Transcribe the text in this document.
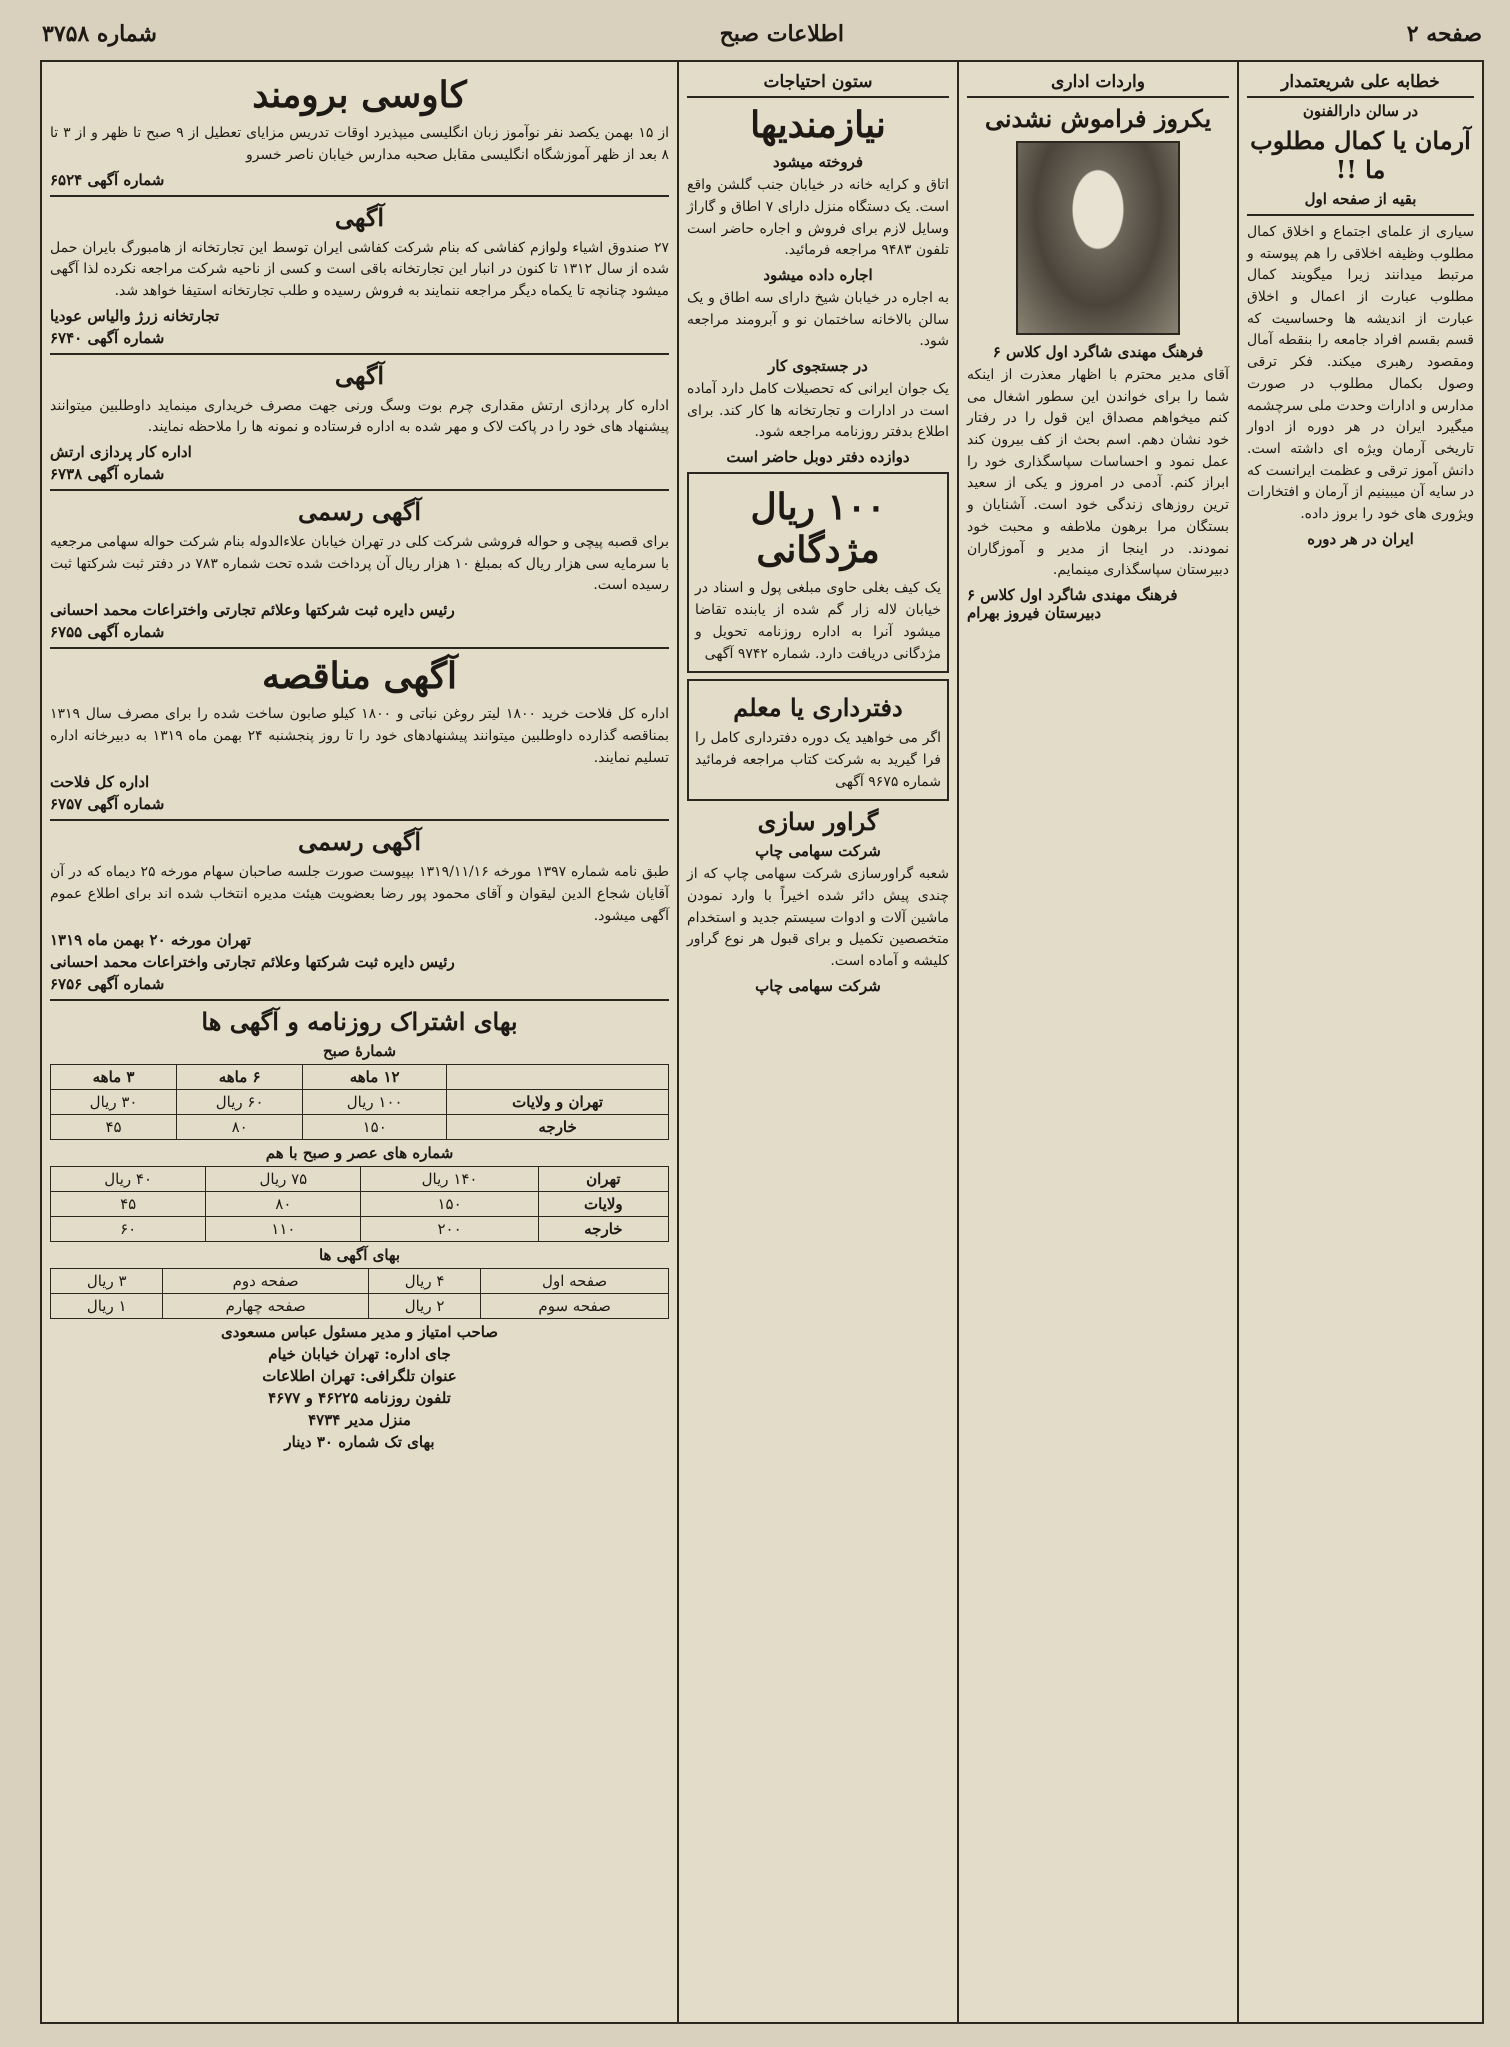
صفحه ۲
اطلاعات صبح
شماره ۳۷۵۸
خطابه علی شریعتمدار
در سالن دارالفنون
آرمان یا کمال مطلوب ما !!
بقیه از صفحه اول
سیاری از علمای اجتماع و اخلاق کمال مطلوب وظیفه اخلاقی را هم پیوسته و مرتبط میدانند زیرا میگویند کمال مطلوب عبارت از اعمال و اخلاق عبارت از اندیشه ها وحساسیت که قسم بقسم افراد جامعه را بنقطه آمال ومقصود رهبری میکند. فکر ترقی وصول بکمال مطلوب در صورت مدارس و ادارات وحدت ملی سرچشمه میگیرد ایران در هر دوره از ادوار تاریخی آرمان ویژه ای داشته است. دانش آموز ترقی و عظمت ایرانست که در سایه آن میبینیم از آرمان و افتخارات ویژوری های خود را بروز داده.
ایران در هر دوره
واردات اداری
یکروز فراموش نشدنی
فرهنگ مهندی شاگرد اول کلاس ۶
آقای مدیر محترم با اظهار معذرت از اینکه شما را برای خواندن این سطور اشغال می کنم میخواهم مصداق این قول را در رفتار خود نشان دهم. اسم بحث از کف بیرون کند عمل نمود و احساسات سپاسگذاری خود را ابراز کنم. آدمی در امروز و یکی از سعید ترین روزهای زندگی خود است. آشنایان و بستگان مرا برهون ملاطفه و محبت خود نمودند. در اینجا از مدیر و آموزگاران دبیرستان سپاسگذاری مینمایم.
فرهنگ مهندی شاگرد اول کلاس ۶ دبیرستان فیروز بهرام
ستون احتیاجات
نیازمندیها
فروخته میشود
اتاق و کرایه خانه در خیابان جنب گلشن واقع است. یک دستگاه منزل دارای ۷ اطاق و گاراژ وسایل لازم برای فروش و اجاره حاضر است تلفون ۹۴۸۳ مراجعه فرمائید.
اجاره داده میشود
به اجاره در خیابان شیخ دارای سه اطاق و یک سالن بالاخانه ساختمان نو و آبرومند مراجعه شود.
در جستجوی کار
یک جوان ایرانی که تحصیلات کامل دارد آماده است در ادارات و تجارتخانه ها کار کند. برای اطلاع بدفتر روزنامه مراجعه شود.
دوازده دفتر دوبل حاضر است
۱۰۰ ریال مژدگانی
یک کیف بغلی حاوی مبلغی پول و اسناد در خیابان لاله زار گم شده از یابنده تقاضا میشود آنرا به اداره روزنامه تحویل و مژدگانی دریافت دارد. شماره ۹۷۴۲ آگهی
دفترداری یا معلم
اگر می خواهید یک دوره دفترداری کامل را فرا گیرید به شرکت کتاب مراجعه فرمائید شماره ۹۶۷۵ آگهی
گراور سازی
شرکت سهامی چاپ
شعبه گراورسازی شرکت سهامی چاپ که از چندی پیش دائر شده اخیراً با وارد نمودن ماشین آلات و ادوات سیستم جدید و استخدام متخصصین تکمیل و برای قبول هر نوع گراور کلیشه و آماده است.
شرکت سهامی چاپ
کاوسی برومند
از ۱۵ بهمن یکصد نفر نوآموز زبان انگلیسی میپذیرد اوقات تدریس مزایای تعطیل از ۹ صبح تا ظهر و از ۳ تا ۸ بعد از ظهر آموزشگاه انگلیسی مقابل صحبه مدارس خیابان ناصر خسرو
شماره آگهی ۶۵۲۴
آگهی
۲۷ صندوق اشیاء ولوازم کفاشی که بنام شرکت کفاشی ایران توسط این تجارتخانه از هامبورگ بایران حمل شده از سال ۱۳۱۲ تا کنون در انبار این تجارتخانه باقی است و کسی از ناحیه شرکت مراجعه نکرده لذا آگهی میشود چنانچه تا یکماه دیگر مراجعه ننمایند به فروش رسیده و طلب تجارتخانه استیفا خواهد شد.
تجارتخانه زرژ والیاس عودیا
شماره آگهی ۶۷۴۰
آگهی
اداره کار پردازی ارتش مقداری چرم بوت وسگ ورنی جهت مصرف خریداری مینماید داوطلبین میتوانند پیشنهاد های خود را در پاکت لاک و مهر شده به اداره فرستاده و نمونه ها را ملاحظه نمایند.
اداره کار پردازی ارتش
شماره آگهی ۶۷۳۸
آگهی رسمی
برای قصبه پیچی و حواله فروشی شرکت کلی در تهران خیابان علاءالدوله بنام شرکت حواله سهامی مرجعیه با سرمایه سی هزار ریال که بمبلغ ۱۰ هزار ریال آن پرداخت شده تحت شماره ۷۸۳ در دفتر ثبت شرکتها ثبت رسیده است.
رئیس دایره ثبت شرکتها وعلائم تجارتی واختراعات محمد احسانی
شماره آگهی ۶۷۵۵
آگهی مناقصه
اداره کل فلاحت خرید ۱۸۰۰ لیتر روغن نباتی و ۱۸۰۰ کیلو صابون ساخت شده را برای مصرف سال ۱۳۱۹ بمناقصه گذارده داوطلبین میتوانند پیشنهادهای خود را تا روز پنجشنبه ۲۴ بهمن ماه ۱۳۱۹ به دبیرخانه اداره تسلیم نمایند.
اداره کل فلاحت
شماره آگهی ۶۷۵۷
آگهی رسمی
طبق نامه شماره ۱۳۹۷ مورخه ۱۳۱۹/۱۱/۱۶ بپیوست صورت جلسه صاحبان سهام مورخه ۲۵ دیماه که در آن آقایان شجاع الدین لیقوان و آقای محمود پور رضا بعضویت هیئت مدیره انتخاب شده اند برای اطلاع عموم آگهی میشود.
تهران مورخه ۲۰ بهمن ماه ۱۳۱۹
رئیس دایره ثبت شرکتها وعلائم تجارتی واختراعات محمد احسانی
شماره آگهی ۶۷۵۶
بهای اشتراک روزنامه و آگهی ها
شمارهٔ صبح
	۱۲ ماهه	۶ ماهه	۳ ماهه
تهران و ولایات	۱۰۰ ریال	۶۰ ریال	۳۰ ریال
خارجه	۱۵۰	۸۰	۴۵
شماره های عصر و صبح با هم
تهران	۱۴۰ ریال	۷۵ ریال	۴۰ ریال
ولایات	۱۵۰	۸۰	۴۵
خارجه	۲۰۰	۱۱۰	۶۰
بهای آگهی ها
صفحه اول	۴ ریال	صفحه دوم	۳ ریال
صفحه سوم	۲ ریال	صفحه چهارم	۱ ریال
صاحب امتیاز و مدیر مسئول عباس مسعودی
جای اداره: تهران خیابان خیام
عنوان تلگرافی: تهران اطلاعات
تلفون روزنامه ۴۶۲۲۵ و ۴۶۷۷
منزل مدیر ۴۷۳۴
بهای تک شماره ۳۰ دینار
